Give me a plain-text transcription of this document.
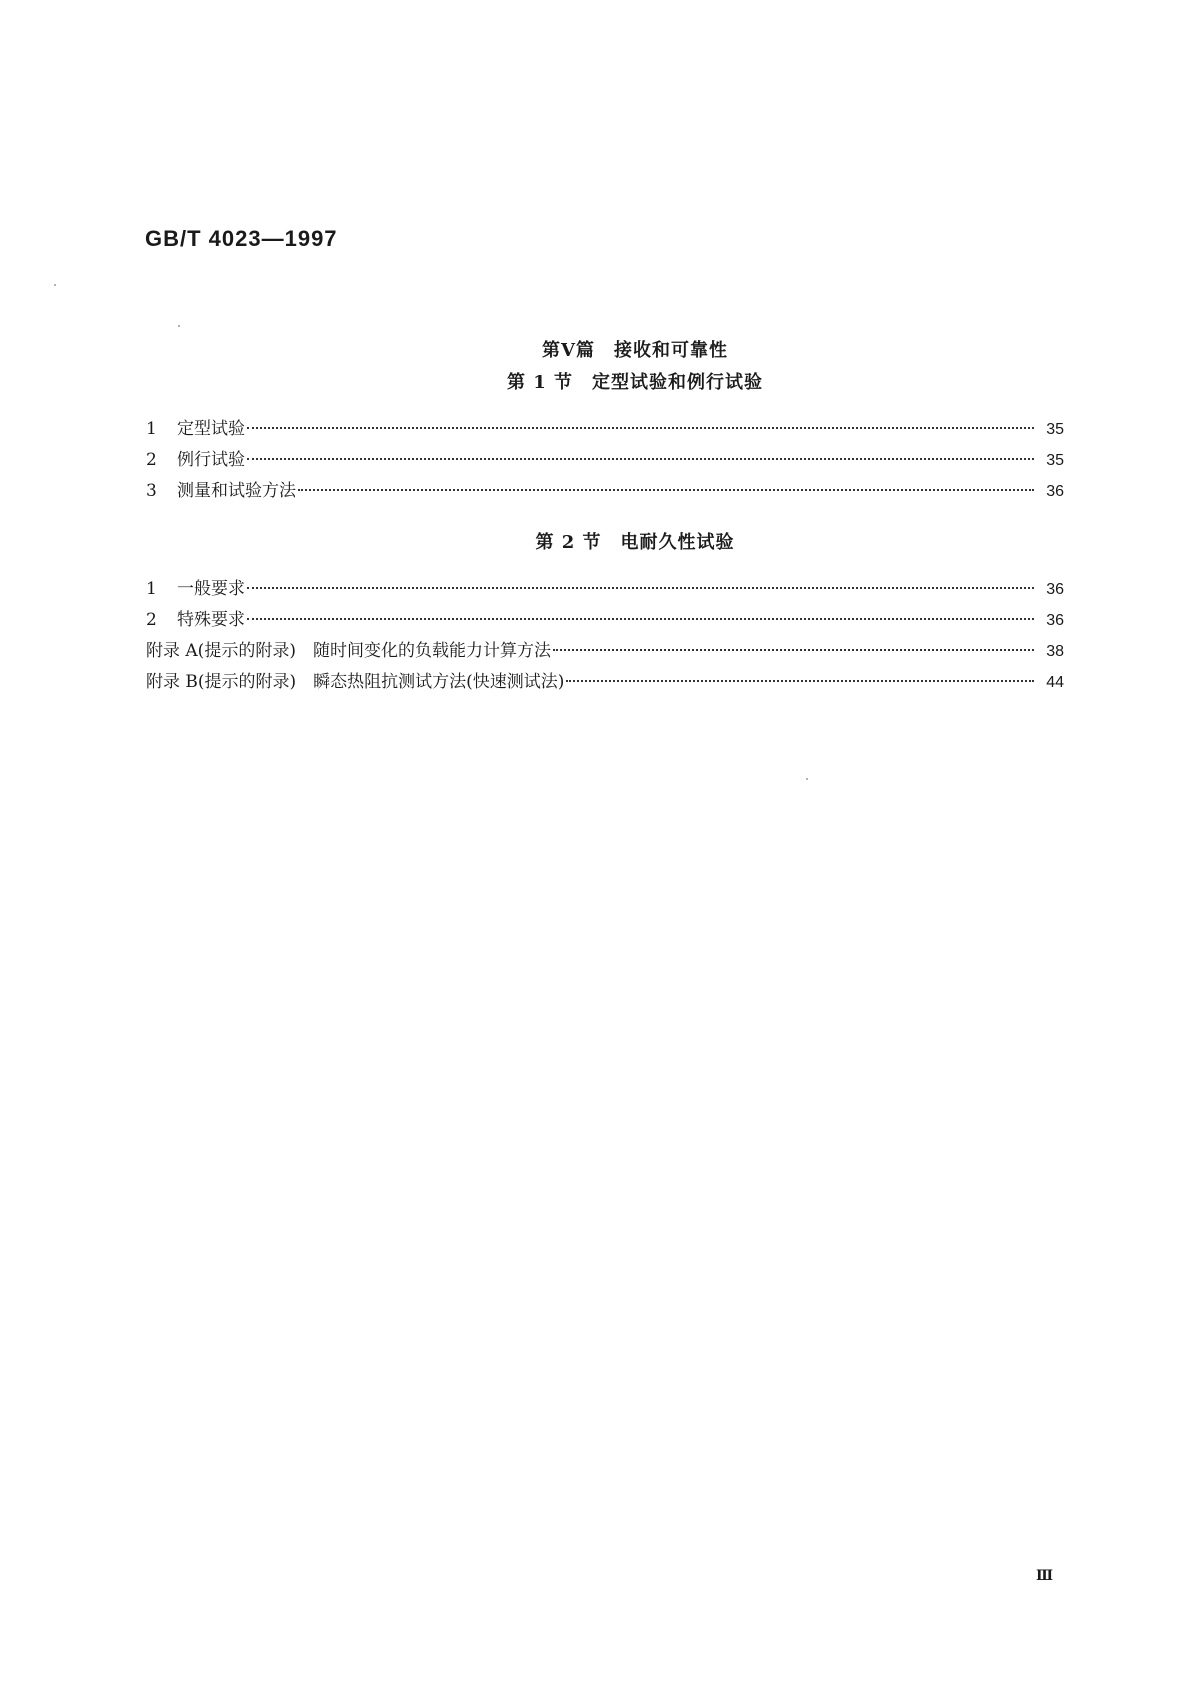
GB/T 4023—1997
第Ⅴ篇　接收和可靠性
第 1 节　定型试验和例行试验
1	定型试验	35
2	例行试验	35
3	测量和试验方法	36
第 2 节　电耐久性试验
1	一般要求	36
2	特殊要求	36
附录 A(提示的附录)　随时间变化的负载能力计算方法	38
附录 B(提示的附录)　瞬态热阻抗测试方法(快速测试法)	44
Ⅲ
